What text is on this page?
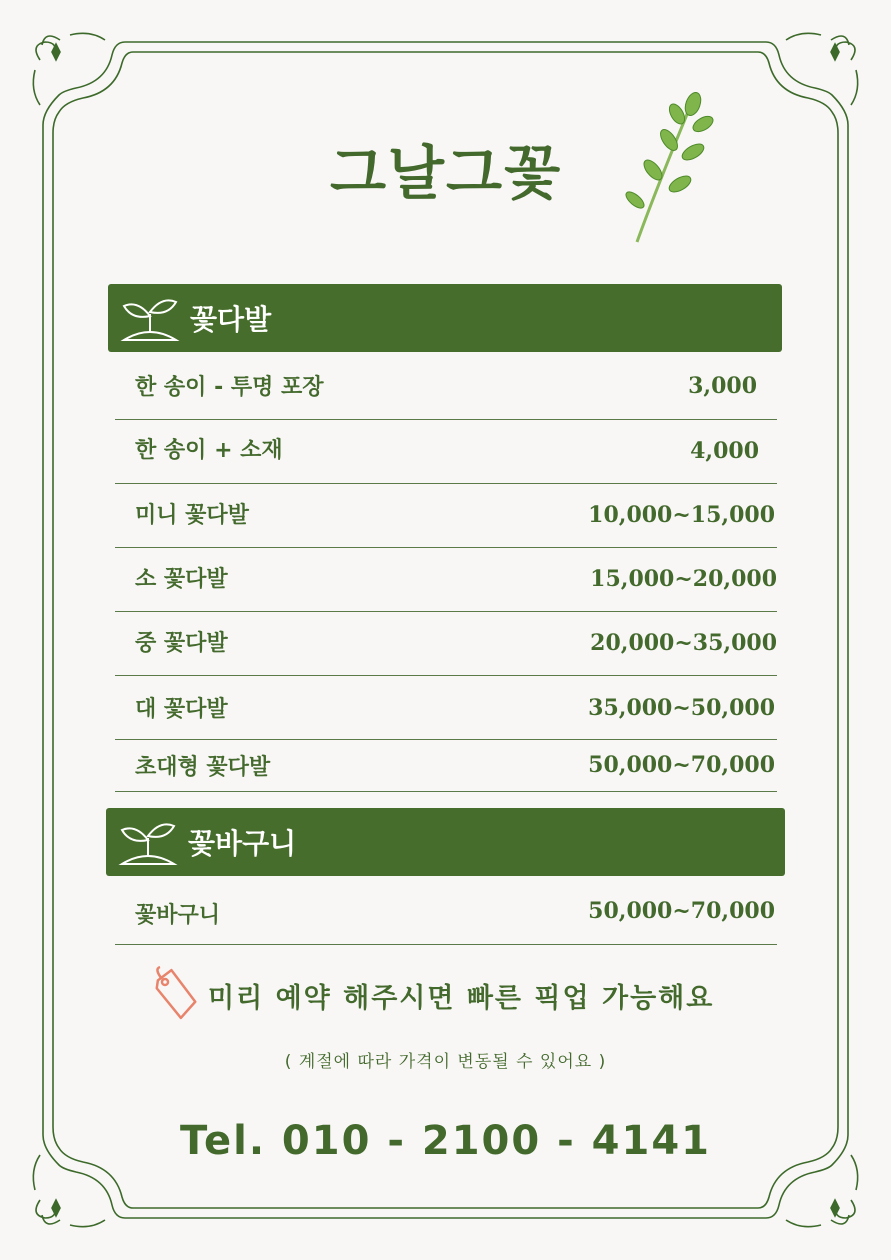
그날그꽃
꽃다발
한 송이 - 투명 포장	3,000
한 송이 + 소재	4,000
미니 꽃다발	10,000~15,000
소 꽃다발	15,000~20,000
중 꽃다발	20,000~35,000
대 꽃다발	35,000~50,000
초대형 꽃다발	50,000~70,000
꽃바구니
꽃바구니	50,000~70,000
미리 예약 해주시면 빠른 픽업 가능해요
( 계절에 따라 가격이 변동될 수 있어요 )
Tel. 010 - 2100 - 4141
